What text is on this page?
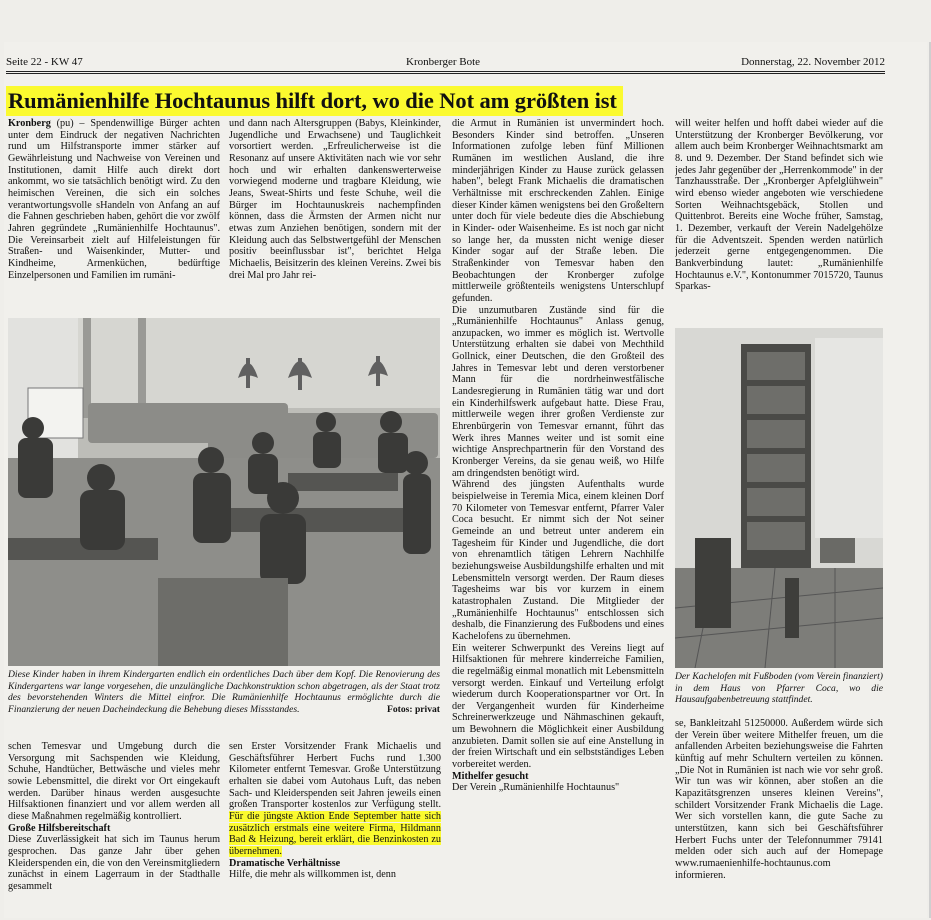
Seite 22 - KW 47	Kronberger Bote	Donnerstag, 22. November 2012
Rumänienhilfe Hochtaunus hilft dort, wo die Not am größten ist

Kronberg (pu) – Spendenwillige Bürger achten unter dem Eindruck der negativen Nachrichten rund um Hilfstransporte immer stärker auf Gewährleistung und Nachweise von Vereinen und Institutionen, damit Hilfe auch direkt dort ankommt, wo sie tatsächlich benötigt wird. Zu den heimischen Vereinen, die sich ein solches verantwortungsvolle sHandeln von Anfang an auf die Fahnen geschrieben haben, gehört die vor zwölf Jahren gegründete „Rumänienhilfe Hochtaunus". Die Vereinsarbeit zielt auf Hilfeleistungen für Straßen- und Waisenkinder, Mutter- und Kindheime, Armenküchen, bedürftige Einzelpersonen und Familien im rumäni-

und dann nach Altersgruppen (Babys, Kleinkinder, Jugendliche und Erwachsene) und Tauglichkeit vorsortiert werden. „Erfreulicherweise ist die Resonanz auf unsere Aktivitäten nach wie vor sehr hoch und wir erhalten dankenswerterweise vorwiegend moderne und tragbare Kleidung, wie Jeans, Sweat-Shirts und feste Schuhe, weil die Bürger im Hochtaunuskreis nachempfinden können, dass die Ärmsten der Armen nicht nur etwas zum Anziehen benötigen, sondern mit der Kleidung auch das Selbstwertgefühl der Menschen positiv beeinflussbar ist", berichtet Helga Michaelis, Beisitzerin des kleinen Vereins. Zwei bis drei Mal pro Jahr rei-

Diese Kinder haben in ihrem Kindergarten endlich ein ordentliches Dach über dem Kopf. Die Renovierung des Kindergartens war lange vorgesehen, die unzulängliche Dachkonstruktion schon abgetragen, als der Staat trotz des bevorstehenden Winters die Mittel einfror. Die Rumänienhilfe Hochtaunus ermöglichte durch die Finanzierung der neuen Dacheindeckung die Behebung dieses Missstandes.	Fotos: privat

schen Temesvar und Umgebung durch die Versorgung mit Sachspenden wie Kleidung, Schuhe, Handtücher, Bettwäsche und vieles mehr sowie Lebensmittel, die direkt vor Ort eingekauft werden. Darüber hinaus werden ausgesuchte Hilfsaktionen finanziert und vor allem werden all diese Maßnahmen regelmäßig kontrolliert.

Große Hilfsbereitschaft

Diese Zuverlässigkeit hat sich im Taunus herum gesprochen. Das ganze Jahr über gehen Kleiderspenden ein, die von den Vereinsmitgliedern zunächst in einem Lagerraum in der Stadthalle gesammelt

sen Erster Vorsitzender Frank Michaelis und Geschäftsführer Herbert Fuchs rund 1.300 Kilometer entfernt Temesvar. Große Unterstützung erhalten sie dabei vom Autohaus Luft, das neben Sach- und Kleiderspenden seit Jahren jeweils einen großen Transporter kostenlos zur Verfügung stellt. Für die jüngste Aktion Ende September hatte sich zusätzlich erstmals eine weitere Firma, Hildmann Bad & Heizung, bereit erklärt, die Benzinkosten zu übernehmen.

Dramatische Verhältnisse

Hilfe, die mehr als willkommen ist, denn

die Armut in Rumänien ist unvermindert hoch. Besonders Kinder sind betroffen. „Unseren Informationen zufolge leben fünf Millionen Rumänen im westlichen Ausland, die ihre minderjährigen Kinder zu Hause zurück gelassen haben", belegt Frank Michaelis die dramatischen Verhältnisse mit erschreckenden Zahlen. Einige dieser Kinder kämen wenigstens bei den Großeltern unter doch für viele bedeute dies die Abschiebung in Kinder- oder Waisenheime. Es ist noch gar nicht so lange her, da mussten nicht wenige dieser Kinder sogar auf der Straße leben. Die Straßenkinder von Temesvar haben den Beobachtungen der Kronberger zufolge mittlerweile größtenteils wenigstens Unterschlupf gefunden.

Die unzumutbaren Zustände sind für die „Rumänienhilfe Hochtaunus" Anlass genug, anzupacken, wo immer es möglich ist. Wertvolle Unterstützung erhalten sie dabei von Mechthild Gollnick, einer Deutschen, die den Großteil des Jahres in Temesvar lebt und deren verstorbener Mann für die nordrheinwestfälische Landesregierung in Rumänien tätig war und dort ein Kinderhilfswerk aufgebaut hatte. Diese Frau, mittlerweile wegen ihrer großen Verdienste zur Ehrenbürgerin von Temesvar ernannt, führt das Werk ihres Mannes weiter und ist somit eine wichtige Ansprechpartnerin für den Vorstand des Kronberger Vereins, da sie genau weiß, wo Hilfe am dringendsten benötigt wird.

Während des jüngsten Aufenthalts wurde beispielweise in Teremia Mica, einem kleinen Dorf 70 Kilometer von Temesvar entfernt, Pfarrer Valer Coca besucht. Er nimmt sich der Not seiner Gemeinde an und betreut unter anderem ein Tagesheim für Kinder und Jugendliche, die dort von ehrenamtlich tätigen Lehrern Nachhilfe beziehungsweise Ausbildungshilfe erhalten und mit Lebensmitteln versorgt werden. Der Raum dieses Tagesheims war bis vor kurzem in einem katastrophalen Zustand. Die Mitglieder der „Rumänienhilfe Hochtaunus" entschlossen sich deshalb, die Finanzierung des Fußbodens und eines Kachelofens zu übernehmen.

Ein weiterer Schwerpunkt des Vereins liegt auf Hilfsaktionen für mehrere kinderreiche Familien, die regelmäßig einmal monatlich mit Lebensmitteln versorgt werden. Einkauf und Verteilung erfolgt wiederum durch Kooperationspartner vor Ort. In der Vergangenheit wurden für Kinderheime Schreinerwerkzeuge und Nähmaschinen gekauft, um Bewohnern die Möglichkeit einer Ausbildung anzubieten. Damit sollen sie auf eine Anstellung in der freien Wirtschaft und ein selbstständiges Leben vorbereitet werden.

Mithelfer gesucht

Der Verein „Rumänienhilfe Hochtaunus"

will weiter helfen und hofft dabei wieder auf die Unterstützung der Kronberger Bevölkerung, vor allem auch beim Kronberger Weihnachtsmarkt am 8. und 9. Dezember. Der Stand befindet sich wie jedes Jahr gegenüber der „Herrenkommode" in der Tanzhausstraße. Der „Kronberger Apfelglühwein" wird ebenso wieder angeboten wie verschiedene Sorten Weihnachtsgebäck, Stollen und Quittenbrot. Bereits eine Woche früher, Samstag, 1. Dezember, verkauft der Verein Nadelgehölze für die Adventszeit. Spenden werden natürlich jederzeit gerne entgegengenommen. Die Bankverbindung lautet: „Rumänienhilfe Hochtaunus e.V.", Kontonummer 7015720, Taunus Sparkas-

Der Kachelofen mit Fußboden (vom Verein finanziert) in dem Haus von Pfarrer Coca, wo die Hausaufgabenbetreuung stattfindet.

se, Bankleitzahl 51250000. Außerdem würde sich der Verein über weitere Mithelfer freuen, um die anfallenden Arbeiten beziehungsweise die Fahrten künftig auf mehr Schultern verteilen zu können. „Die Not in Rumänien ist nach wie vor sehr groß. Wir tun was wir können, aber stoßen an die Kapazitätsgrenzen unseres kleinen Vereins", schildert Vorsitzender Frank Michaelis die Lage. Wer sich vorstellen kann, die gute Sache zu unterstützen, kann sich bei Geschäftsführer Herbert Fuchs unter der Telefonnummer 79141 melden oder sich auch auf der Homepage www.rumaenienhilfe-hochtaunus.com informieren.
